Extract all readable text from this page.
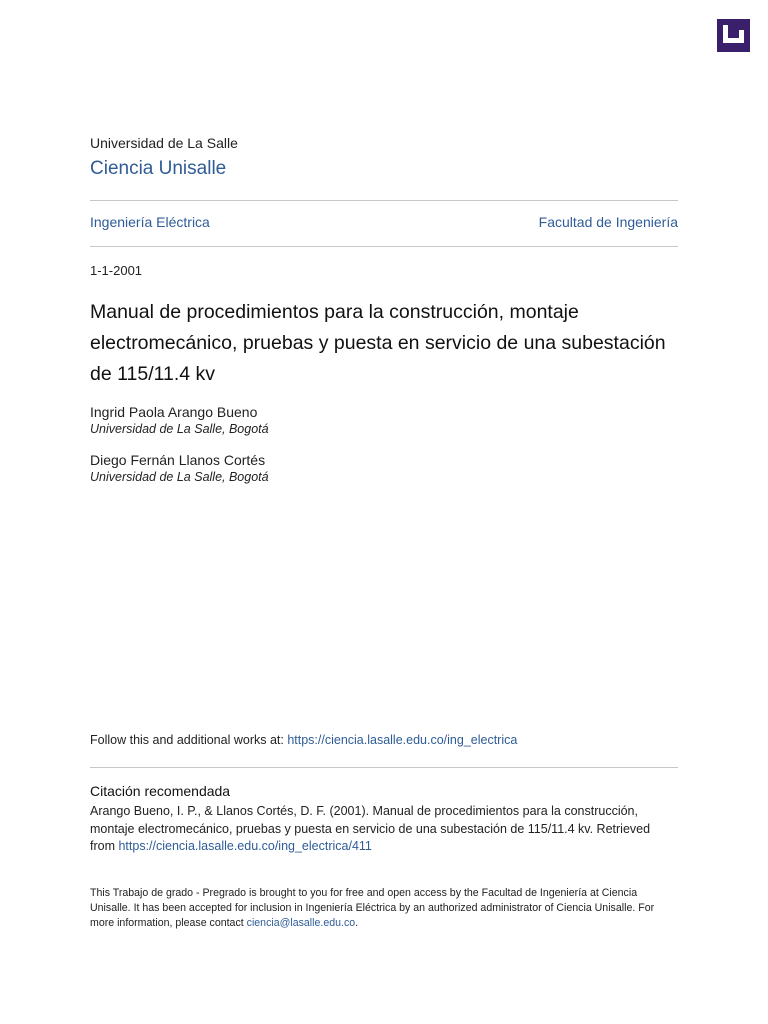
Universidad de La Salle
Ciencia Unisalle
Ingeniería Eléctrica	Facultad de Ingeniería
1-1-2001
Manual de procedimientos para la construcción, montaje electromecánico, pruebas y puesta en servicio de una subestación de 115/11.4 kv
Ingrid Paola Arango Bueno
Universidad de La Salle, Bogotá
Diego Fernán Llanos Cortés
Universidad de La Salle, Bogotá
Follow this and additional works at: https://ciencia.lasalle.edu.co/ing_electrica
Citación recomendada
Arango Bueno, I. P., & Llanos Cortés, D. F. (2001). Manual de procedimientos para la construcción, montaje electromecánico, pruebas y puesta en servicio de una subestación de 115/11.4 kv. Retrieved from https://ciencia.lasalle.edu.co/ing_electrica/411
This Trabajo de grado - Pregrado is brought to you for free and open access by the Facultad de Ingeniería at Ciencia Unisalle. It has been accepted for inclusion in Ingeniería Eléctrica by an authorized administrator of Ciencia Unisalle. For more information, please contact ciencia@lasalle.edu.co.
